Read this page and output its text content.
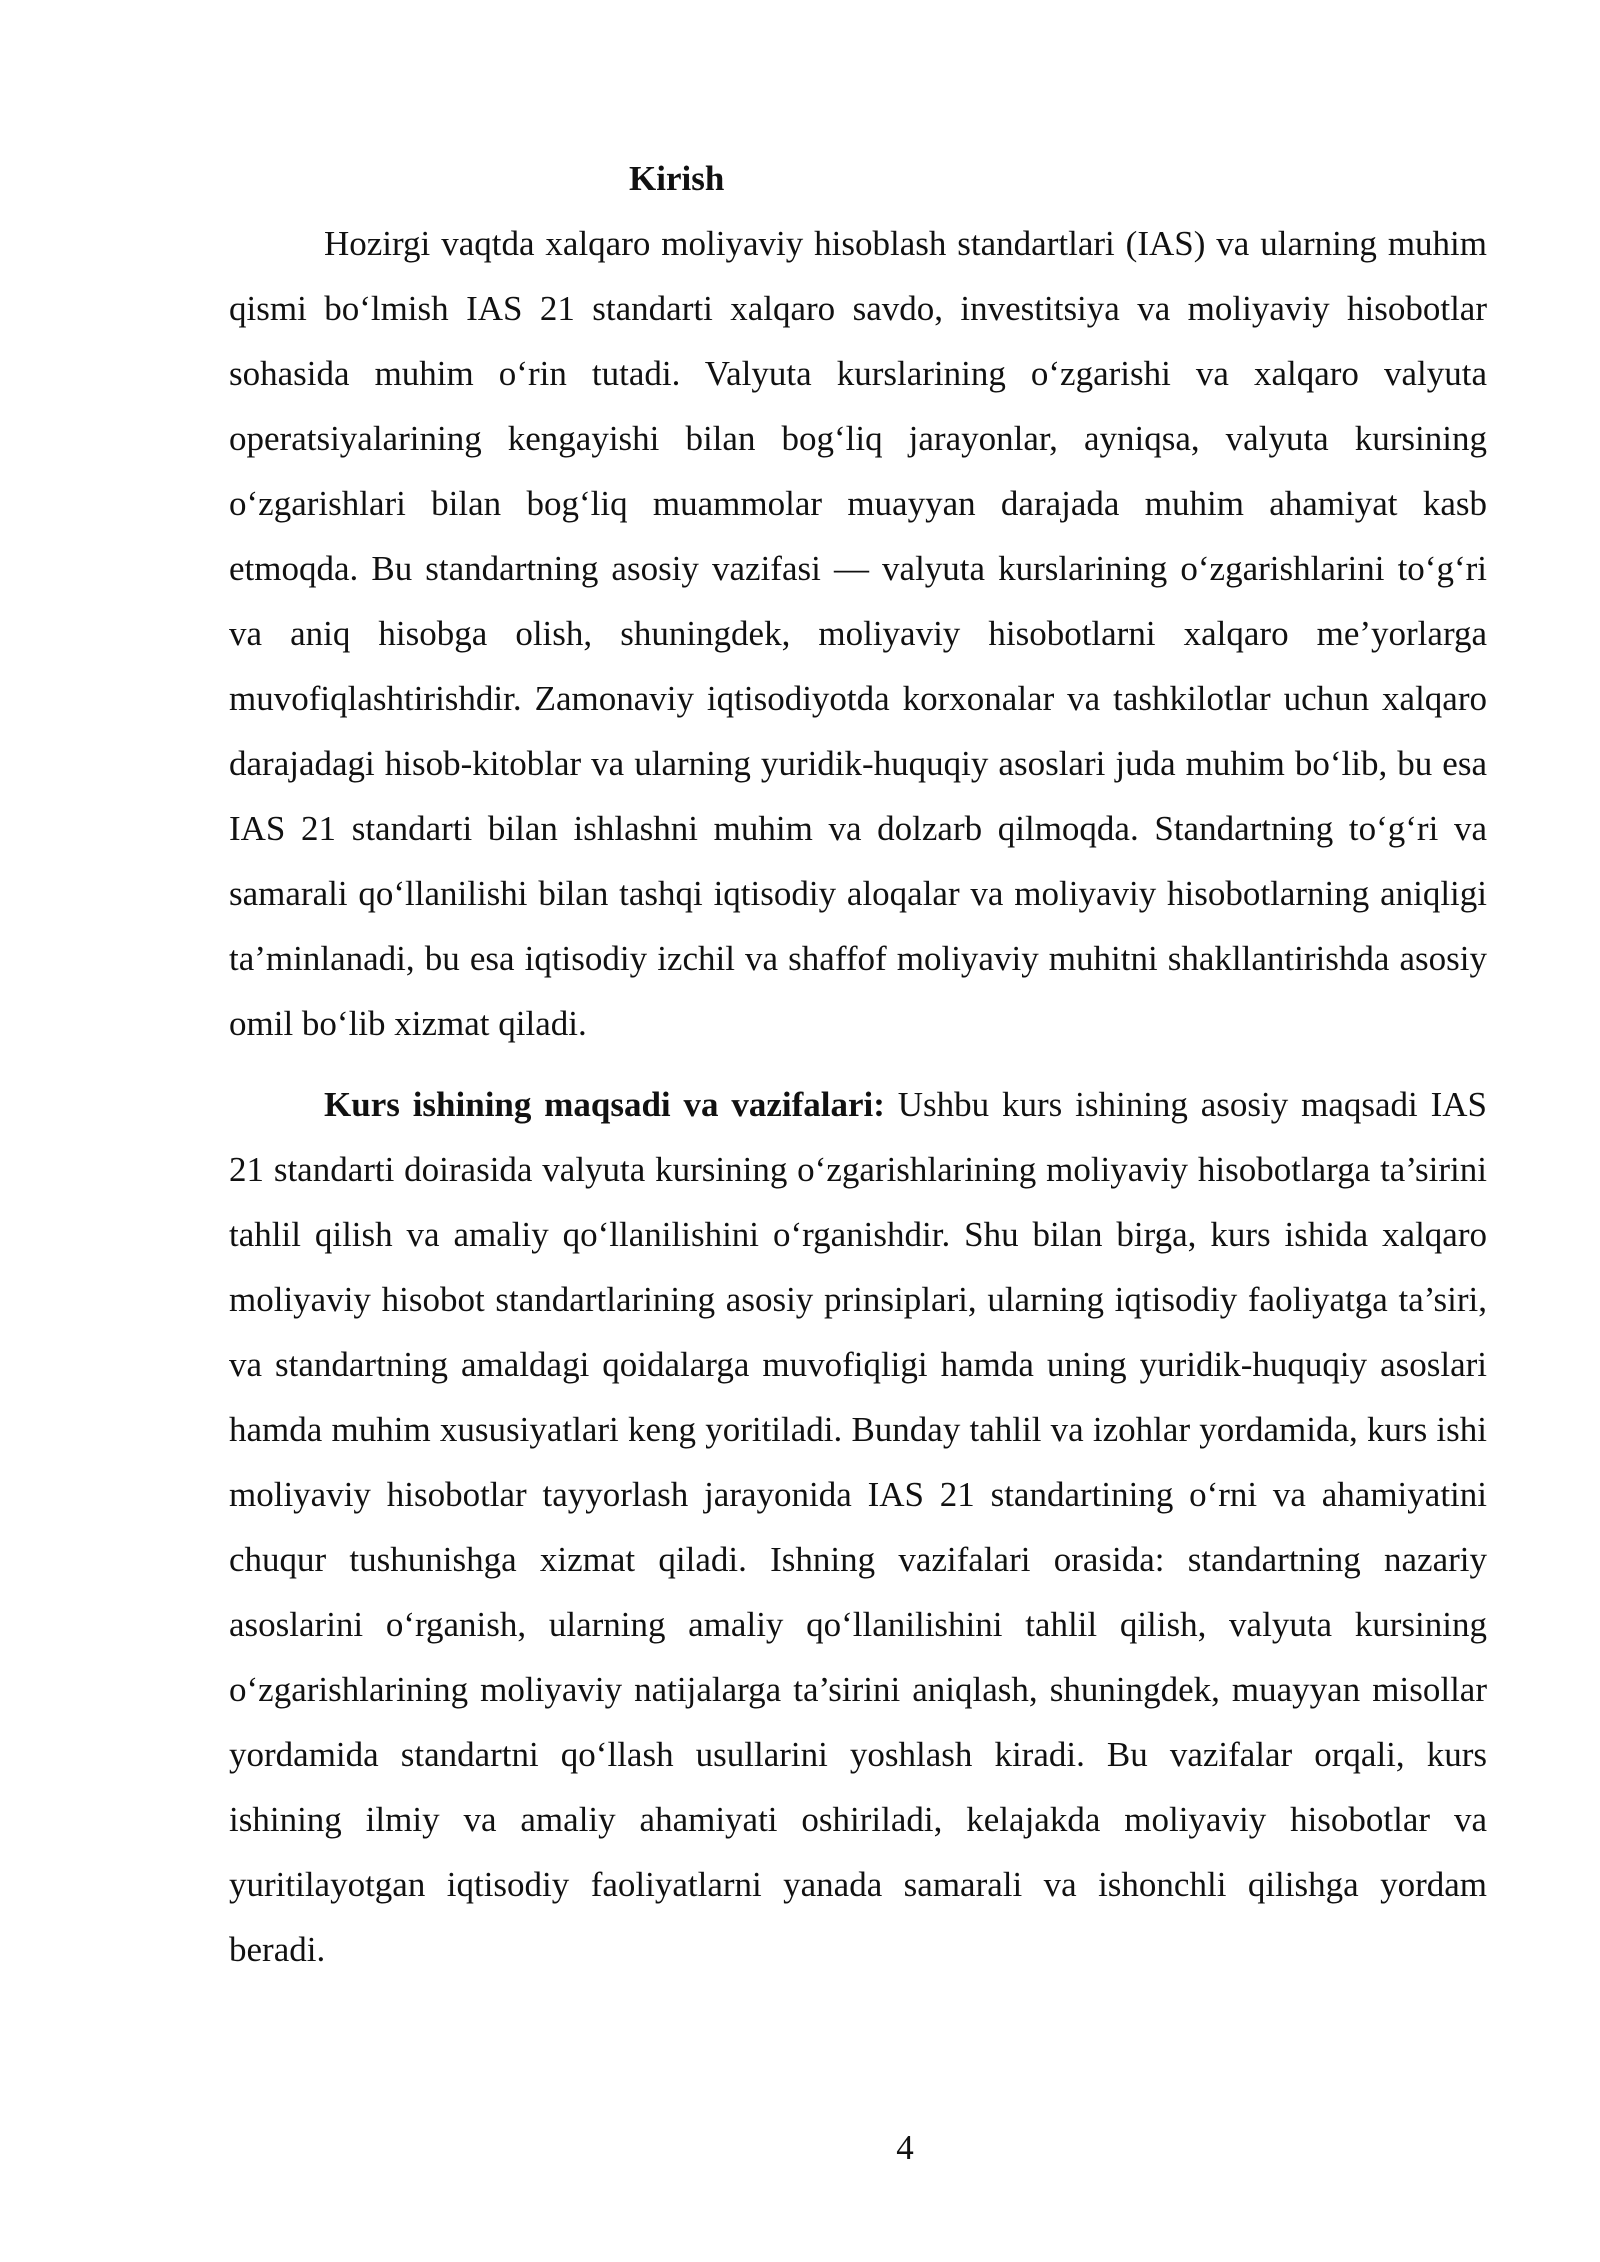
Kirish

Hozirgi vaqtda xalqaro moliyaviy hisoblash standartlari (IAS) va ularning muhim qismi bo‘lmish IAS 21 standarti xalqaro savdo, investitsiya va moliyaviy hisobotlar sohasida muhim o‘rin tutadi. Valyuta kurslarining o‘zgarishi va xalqaro valyuta operatsiyalarining kengayishi bilan bog‘liq jarayonlar, ayniqsa, valyuta kursining o‘zgarishlari bilan bog‘liq muammolar muayyan darajada muhim ahamiyat kasb etmoqda. Bu standartning asosiy vazifasi — valyuta kurslarining o‘zgarishlarini to‘g‘ri va aniq hisobga olish, shuningdek, moliyaviy hisobotlarni xalqaro me’yorlarga muvofiqlashtirishdir. Zamonaviy iqtisodiyotda korxonalar va tashkilotlar uchun xalqaro darajadagi hisob-kitoblar va ularning yuridik-huquqiy asoslari juda muhim bo‘lib, bu esa IAS 21 standarti bilan ishlashni muhim va dolzarb qilmoqda. Standartning to‘g‘ri va samarali qo‘llanilishi bilan tashqi iqtisodiy aloqalar va moliyaviy hisobotlarning aniqligi ta’minlanadi, bu esa iqtisodiy izchil va shaffof moliyaviy muhitni shakllantirishda asosiy omil bo‘lib xizmat qiladi.

Kurs ishining maqsadi va vazifalari: Ushbu kurs ishining asosiy maqsadi IAS 21 standarti doirasida valyuta kursining o‘zgarishlarining moliyaviy hisobotlarga ta’sirini tahlil qilish va amaliy qo‘llanilishini o‘rganishdir. Shu bilan birga, kurs ishida xalqaro moliyaviy hisobot standartlarining asosiy prinsiplari, ularning iqtisodiy faoliyatga ta’siri, va standartning amaldagi qoidalarga muvofiqligi hamda uning yuridik-huquqiy asoslari hamda muhim xususiyatlari keng yoritiladi. Bunday tahlil va izohlar yordamida, kurs ishi moliyaviy hisobotlar tayyorlash jarayonida IAS 21 standartining o‘rni va ahamiyatini chuqur tushunishga xizmat qiladi. Ishning vazifalari orasida: standartning nazariy asoslarini o‘rganish, ularning amaliy qo‘llanilishini tahlil qilish, valyuta kursining o‘zgarishlarining moliyaviy natijalarga ta’sirini aniqlash, shuningdek, muayyan misollar yordamida standartni qo‘llash usullarini yoshlash kiradi. Bu vazifalar orqali, kurs ishining ilmiy va amaliy ahamiyati oshiriladi, kelajakda moliyaviy hisobotlar va yuritilayotgan iqtisodiy faoliyatlarni yanada samarali va ishonchli qilishga yordam beradi.

4
